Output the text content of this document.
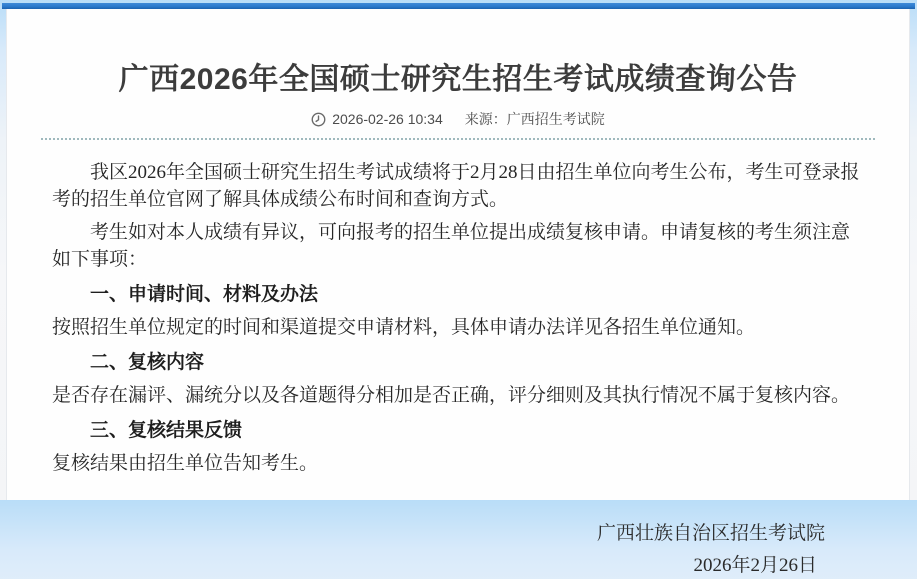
广西2026年全国硕士研究生招生考试成绩查询公告
2026-02-26 10:34 来源：广西招生考试院

我区2026年全国硕士研究生招生考试成绩将于2月28日由招生单位向考生公布，考生可登录报考的招生单位官网了解具体成绩公布时间和查询方式。

考生如对本人成绩有异议，可向报考的招生单位提出成绩复核申请。申请复核的考生须注意如下事项：

一、申请时间、材料及办法

按照招生单位规定的时间和渠道提交申请材料，具体申请办法详见各招生单位通知。

二、复核内容

是否存在漏评、漏统分以及各道题得分相加是否正确，评分细则及其执行情况不属于复核内容。

三、复核结果反馈

复核结果由招生单位告知考生。

广西壮族自治区招生考试院
2026年2月26日
